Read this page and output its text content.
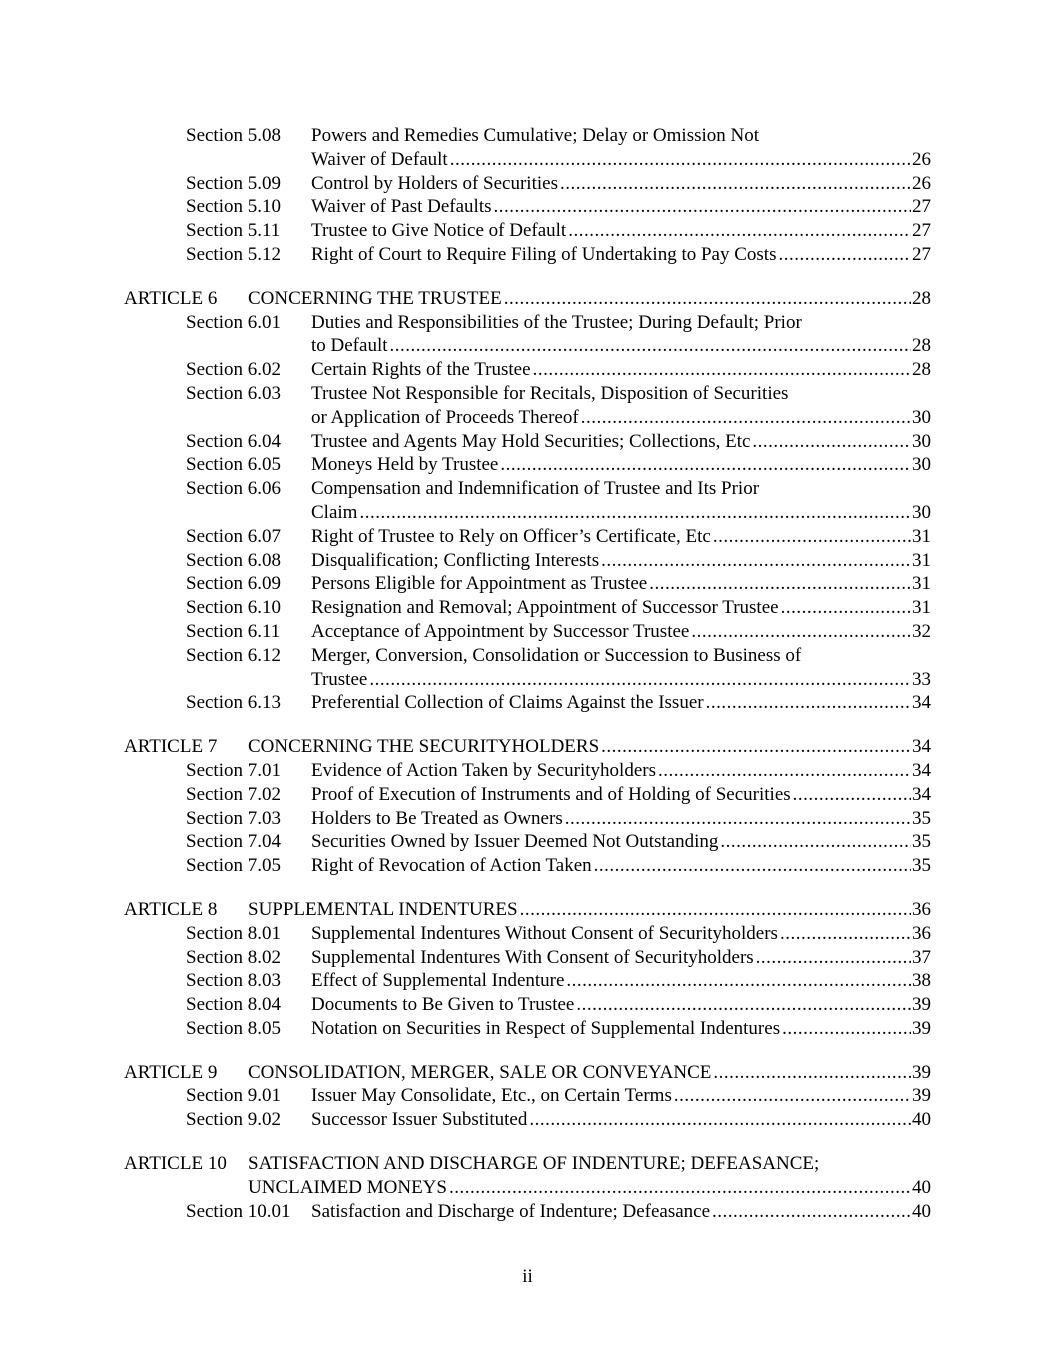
Section 5.08 Powers and Remedies Cumulative; Delay or Omission Not
Waiver of Default .....	26
Section 5.09 Control by Holders of Securities .....	26
Section 5.10 Waiver of Past Defaults .....	27
Section 5.11 Trustee to Give Notice of Default .....	27
Section 5.12 Right of Court to Require Filing of Undertaking to Pay Costs .....	27
ARTICLE 6 CONCERNING THE TRUSTEE .....	28
Section 6.01 Duties and Responsibilities of the Trustee; During Default; Prior
to Default .....	28
Section 6.02 Certain Rights of the Trustee .....	28
Section 6.03 Trustee Not Responsible for Recitals, Disposition of Securities
or Application of Proceeds Thereof .....	30
Section 6.04 Trustee and Agents May Hold Securities; Collections, Etc .....	30
Section 6.05 Moneys Held by Trustee .....	30
Section 6.06 Compensation and Indemnification of Trustee and Its Prior
Claim .....	30
Section 6.07 Right of Trustee to Rely on Officer’s Certificate, Etc .....	31
Section 6.08 Disqualification; Conflicting Interests .....	31
Section 6.09 Persons Eligible for Appointment as Trustee .....	31
Section 6.10 Resignation and Removal; Appointment of Successor Trustee .....	31
Section 6.11 Acceptance of Appointment by Successor Trustee .....	32
Section 6.12 Merger, Conversion, Consolidation or Succession to Business of
Trustee .....	33
Section 6.13 Preferential Collection of Claims Against the Issuer .....	34
ARTICLE 7 CONCERNING THE SECURITYHOLDERS .....	34
Section 7.01 Evidence of Action Taken by Securityholders .....	34
Section 7.02 Proof of Execution of Instruments and of Holding of Securities .....	34
Section 7.03 Holders to Be Treated as Owners .....	35
Section 7.04 Securities Owned by Issuer Deemed Not Outstanding .....	35
Section 7.05 Right of Revocation of Action Taken .....	35
ARTICLE 8 SUPPLEMENTAL INDENTURES .....	36
Section 8.01 Supplemental Indentures Without Consent of Securityholders .....	36
Section 8.02 Supplemental Indentures With Consent of Securityholders .....	37
Section 8.03 Effect of Supplemental Indenture .....	38
Section 8.04 Documents to Be Given to Trustee .....	39
Section 8.05 Notation on Securities in Respect of Supplemental Indentures .....	39
ARTICLE 9 CONSOLIDATION, MERGER, SALE OR CONVEYANCE .....	39
Section 9.01 Issuer May Consolidate, Etc., on Certain Terms .....	39
Section 9.02 Successor Issuer Substituted .....	40
ARTICLE 10 SATISFACTION AND DISCHARGE OF INDENTURE; DEFEASANCE;
UNCLAIMED MONEYS .....	40
Section 10.01 Satisfaction and Discharge of Indenture; Defeasance .....	40
ii
